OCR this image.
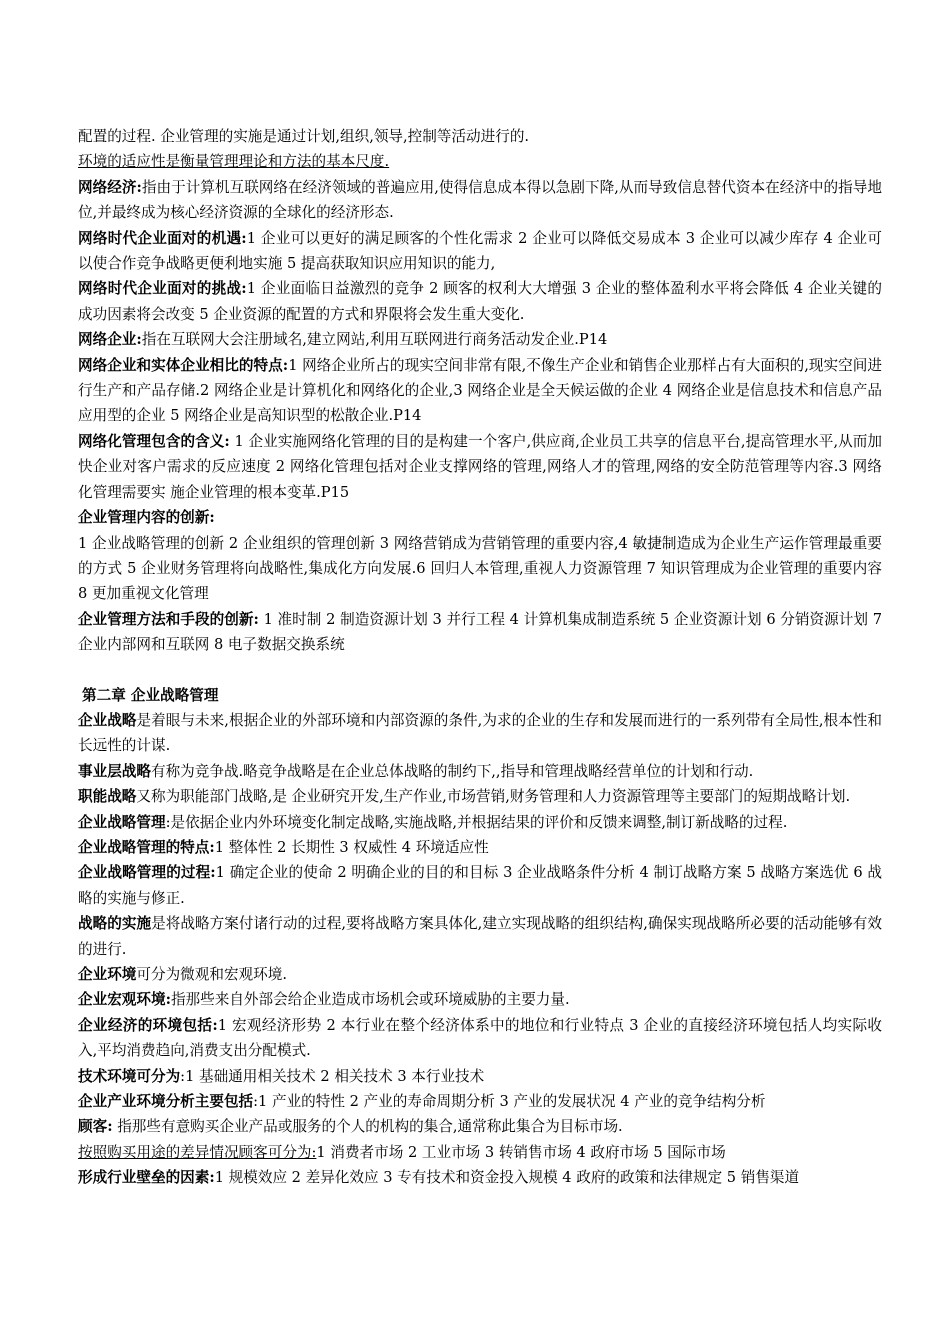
配置的过程. 企业管理的实施是通过计划,组织,领导,控制等活动进行的.

环境的适应性是衡量管理理论和方法的基本尺度.

网络经济:指由于计算机互联网络在经济领域的普遍应用,使得信息成本得以急剧下降,从而导致信息替代资本在经济中的指导地位,并最终成为核心经济资源的全球化的经济形态.

网络时代企业面对的机遇:1 企业可以更好的满足顾客的个性化需求 2 企业可以降低交易成本 3 企业可以减少库存 4 企业可以使合作竞争战略更便利地实施 5 提高获取知识应用知识的能力,

网络时代企业面对的挑战:1 企业面临日益激烈的竞争 2 顾客的权利大大增强 3 企业的整体盈利水平将会降低 4 企业关键的成功因素将会改变 5 企业资源的配置的方式和界限将会发生重大变化.

网络企业:指在互联网大会注册域名,建立网站,利用互联网进行商务活动发企业.P14

网络企业和实体企业相比的特点:1 网络企业所占的现实空间非常有限,不像生产企业和销售企业那样占有大面积的,现实空间进行生产和产品存储.2 网络企业是计算机化和网络化的企业,3 网络企业是全天候运做的企业 4 网络企业是信息技术和信息产品应用型的企业 5 网络企业是高知识型的松散企业.P14

网络化管理包含的含义: 1 企业实施网络化管理的目的是构建一个客户,供应商,企业员工共享的信息平台,提高管理水平,从而加快企业对客户需求的反应速度 2 网络化管理包括对企业支撑网络的管理,网络人才的管理,网络的安全防范管理等内容.3 网络化管理需要实 施企业管理的根本变革.P15

企业管理内容的创新:

1 企业战略管理的创新 2 企业组织的管理创新 3 网络营销成为营销管理的重要内容,4 敏捷制造成为企业生产运作管理最重要的方式 5 企业财务管理将向战略性,集成化方向发展.6 回归人本管理,重视人力资源管理 7 知识管理成为企业管理的重要内容 8 更加重视文化管理

企业管理方法和手段的创新: 1 准时制 2 制造资源计划 3 并行工程 4 计算机集成制造系统 5 企业资源计划 6 分销资源计划 7 企业内部网和互联网 8 电子数据交换系统

第二章 企业战略管理

企业战略是着眼与未来,根据企业的外部环境和内部资源的条件,为求的企业的生存和发展而进行的一系列带有全局性,根本性和长远性的计谋.

事业层战略有称为竞争战.略竞争战略是在企业总体战略的制约下,,指导和管理战略经营单位的计划和行动.

职能战略又称为职能部门战略,是 企业研究开发,生产作业,市场营销,财务管理和人力资源管理等主要部门的短期战略计划.

企业战略管理:是依据企业内外环境变化制定战略,实施战略,并根据结果的评价和反馈来调整,制订新战略的过程.

企业战略管理的特点:1 整体性 2 长期性 3 权威性 4 环境适应性

企业战略管理的过程:1 确定企业的使命 2 明确企业的目的和目标 3 企业战略条件分析 4 制订战略方案 5 战略方案选优 6 战略的实施与修正.

战略的实施是将战略方案付诸行动的过程,要将战略方案具体化,建立实现战略的组织结构,确保实现战略所必要的活动能够有效的进行.

企业环境可分为微观和宏观环境.

企业宏观环境:指那些来自外部会给企业造成市场机会或环境威胁的主要力量.

企业经济的环境包括:1 宏观经济形势 2 本行业在整个经济体系中的地位和行业特点 3 企业的直接经济环境包括人均实际收入,平均消费趋向,消费支出分配模式.

技术环境可分为:1 基础通用相关技术 2 相关技术 3 本行业技术

企业产业环境分析主要包括:1 产业的特性 2 产业的寿命周期分析 3 产业的发展状况 4 产业的竞争结构分析

顾客: 指那些有意购买企业产品或服务的个人的机构的集合,通常称此集合为目标市场.

按照购买用途的差异情况顾客可分为:1 消费者市场 2 工业市场 3 转销售市场 4 政府市场 5 国际市场

形成行业壁垒的因素:1 规模效应 2 差异化效应 3 专有技术和资金投入规模 4 政府的政策和法律规定 5 销售渠道
